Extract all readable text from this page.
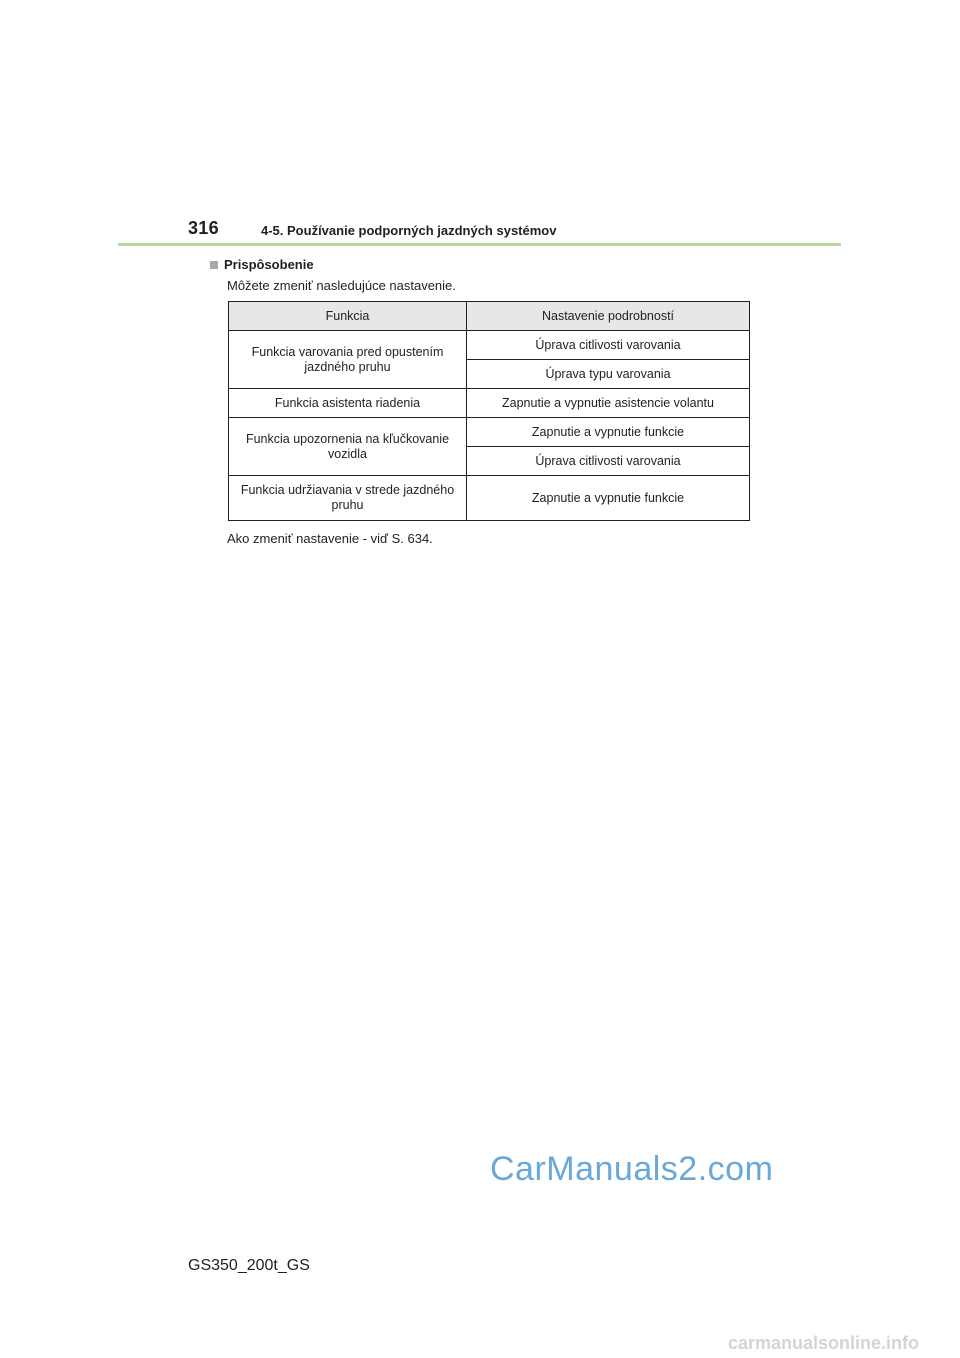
316	4-5. Používanie podporných jazdných systémov
Prispôsobenie
Môžete zmeniť nasledujúce nastavenie.
Funkcia	Nastavenie podrobností
Funkcia varovania pred opustením jazdného pruhu	Úprava citlivosti varovania
	Úprava typu varovania
Funkcia asistenta riadenia	Zapnutie a vypnutie asistencie volantu
Funkcia upozornenia na kľučkovanie vozidla	Zapnutie a vypnutie funkcie
	Úprava citlivosti varovania
Funkcia udržiavania v strede jazdného pruhu	Zapnutie a vypnutie funkcie
Ako zmeniť nastavenie - viď S. 634.
CarManuals2.com
GS350_200t_GS
carmanualsonline.info
